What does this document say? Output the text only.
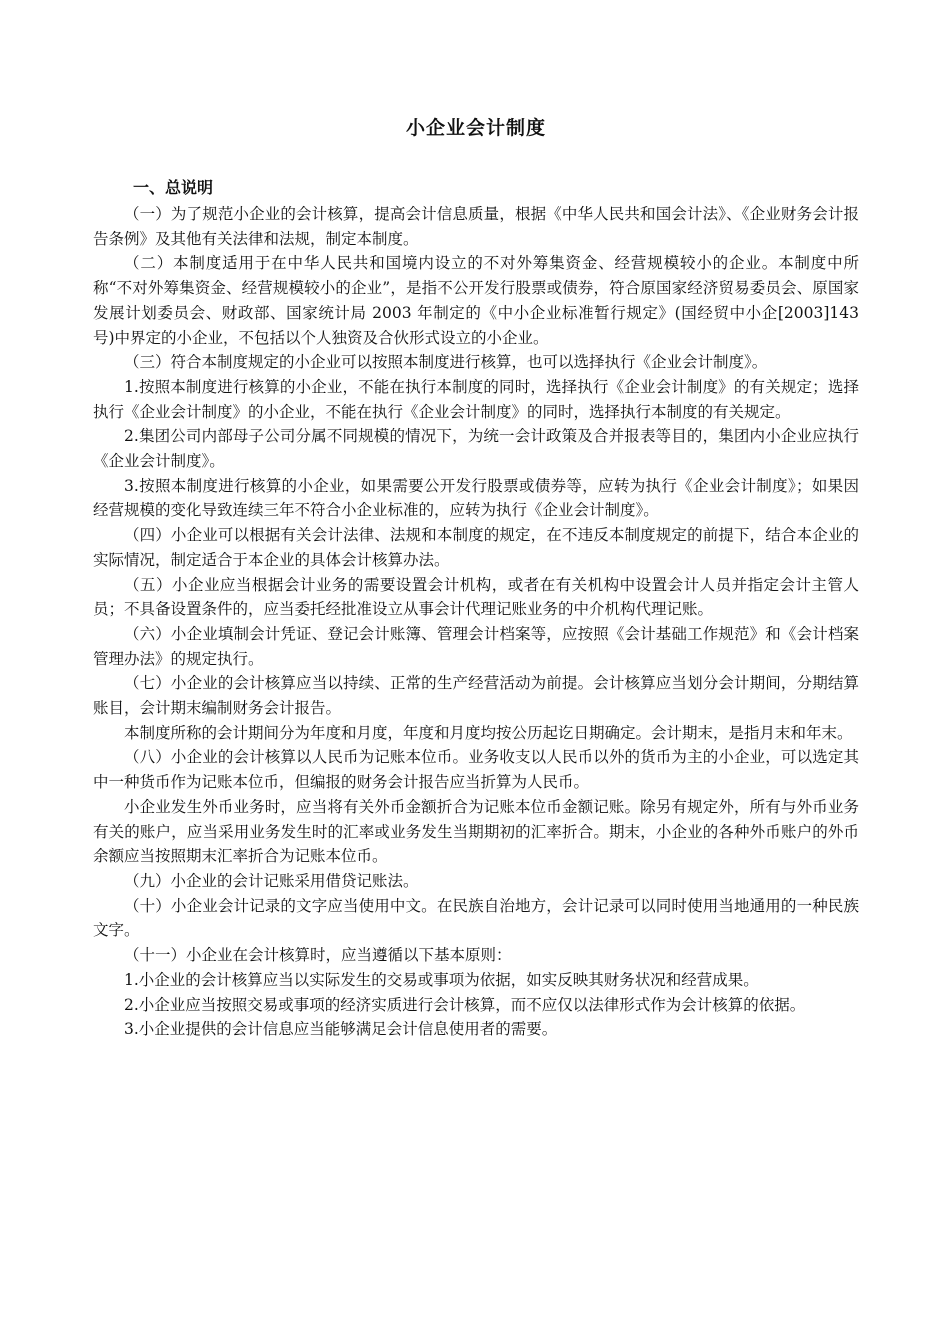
小企业会计制度
一、总说明

（一）为了规范小企业的会计核算，提高会计信息质量，根据《中华人民共和国会计法》、《企业财务会计报告条例》及其他有关法律和法规，制定本制度。

（二）本制度适用于在中华人民共和国境内设立的不对外筹集资金、经营规模较小的企业。本制度中所称“不对外筹集资金、经营规模较小的企业”，是指不公开发行股票或债券，符合原国家经济贸易委员会、原国家发展计划委员会、财政部、国家统计局 2003 年制定的《中小企业标准暂行规定》(国经贸中小企[2003]143 号)中界定的小企业，不包括以个人独资及合伙形式设立的小企业。

（三）符合本制度规定的小企业可以按照本制度进行核算，也可以选择执行《企业会计制度》。

1.按照本制度进行核算的小企业，不能在执行本制度的同时，选择执行《企业会计制度》的有关规定；选择执行《企业会计制度》的小企业，不能在执行《企业会计制度》的同时，选择执行本制度的有关规定。

2.集团公司内部母子公司分属不同规模的情况下，为统一会计政策及合并报表等目的，集团内小企业应执行《企业会计制度》。

3.按照本制度进行核算的小企业，如果需要公开发行股票或债券等，应转为执行《企业会计制度》；如果因经营规模的变化导致连续三年不符合小企业标准的，应转为执行《企业会计制度》。

（四）小企业可以根据有关会计法律、法规和本制度的规定，在不违反本制度规定的前提下，结合本企业的实际情况，制定适合于本企业的具体会计核算办法。

（五）小企业应当根据会计业务的需要设置会计机构，或者在有关机构中设置会计人员并指定会计主管人员；不具备设置条件的，应当委托经批准设立从事会计代理记账业务的中介机构代理记账。

（六）小企业填制会计凭证、登记会计账簿、管理会计档案等，应按照《会计基础工作规范》和《会计档案管理办法》的规定执行。

（七）小企业的会计核算应当以持续、正常的生产经营活动为前提。会计核算应当划分会计期间，分期结算账目，会计期末编制财务会计报告。

本制度所称的会计期间分为年度和月度，年度和月度均按公历起讫日期确定。会计期末，是指月末和年末。

（八）小企业的会计核算以人民币为记账本位币。业务收支以人民币以外的货币为主的小企业，可以选定其中一种货币作为记账本位币，但编报的财务会计报告应当折算为人民币。

小企业发生外币业务时，应当将有关外币金额折合为记账本位币金额记账。除另有规定外，所有与外币业务有关的账户，应当采用业务发生时的汇率或业务发生当期期初的汇率折合。期末，小企业的各种外币账户的外币余额应当按照期末汇率折合为记账本位币。

（九）小企业的会计记账采用借贷记账法。

（十）小企业会计记录的文字应当使用中文。在民族自治地方，会计记录可以同时使用当地通用的一种民族文字。

（十一）小企业在会计核算时，应当遵循以下基本原则：

1.小企业的会计核算应当以实际发生的交易或事项为依据，如实反映其财务状况和经营成果。

2.小企业应当按照交易或事项的经济实质进行会计核算，而不应仅以法律形式作为会计核算的依据。

3.小企业提供的会计信息应当能够满足会计信息使用者的需要。
